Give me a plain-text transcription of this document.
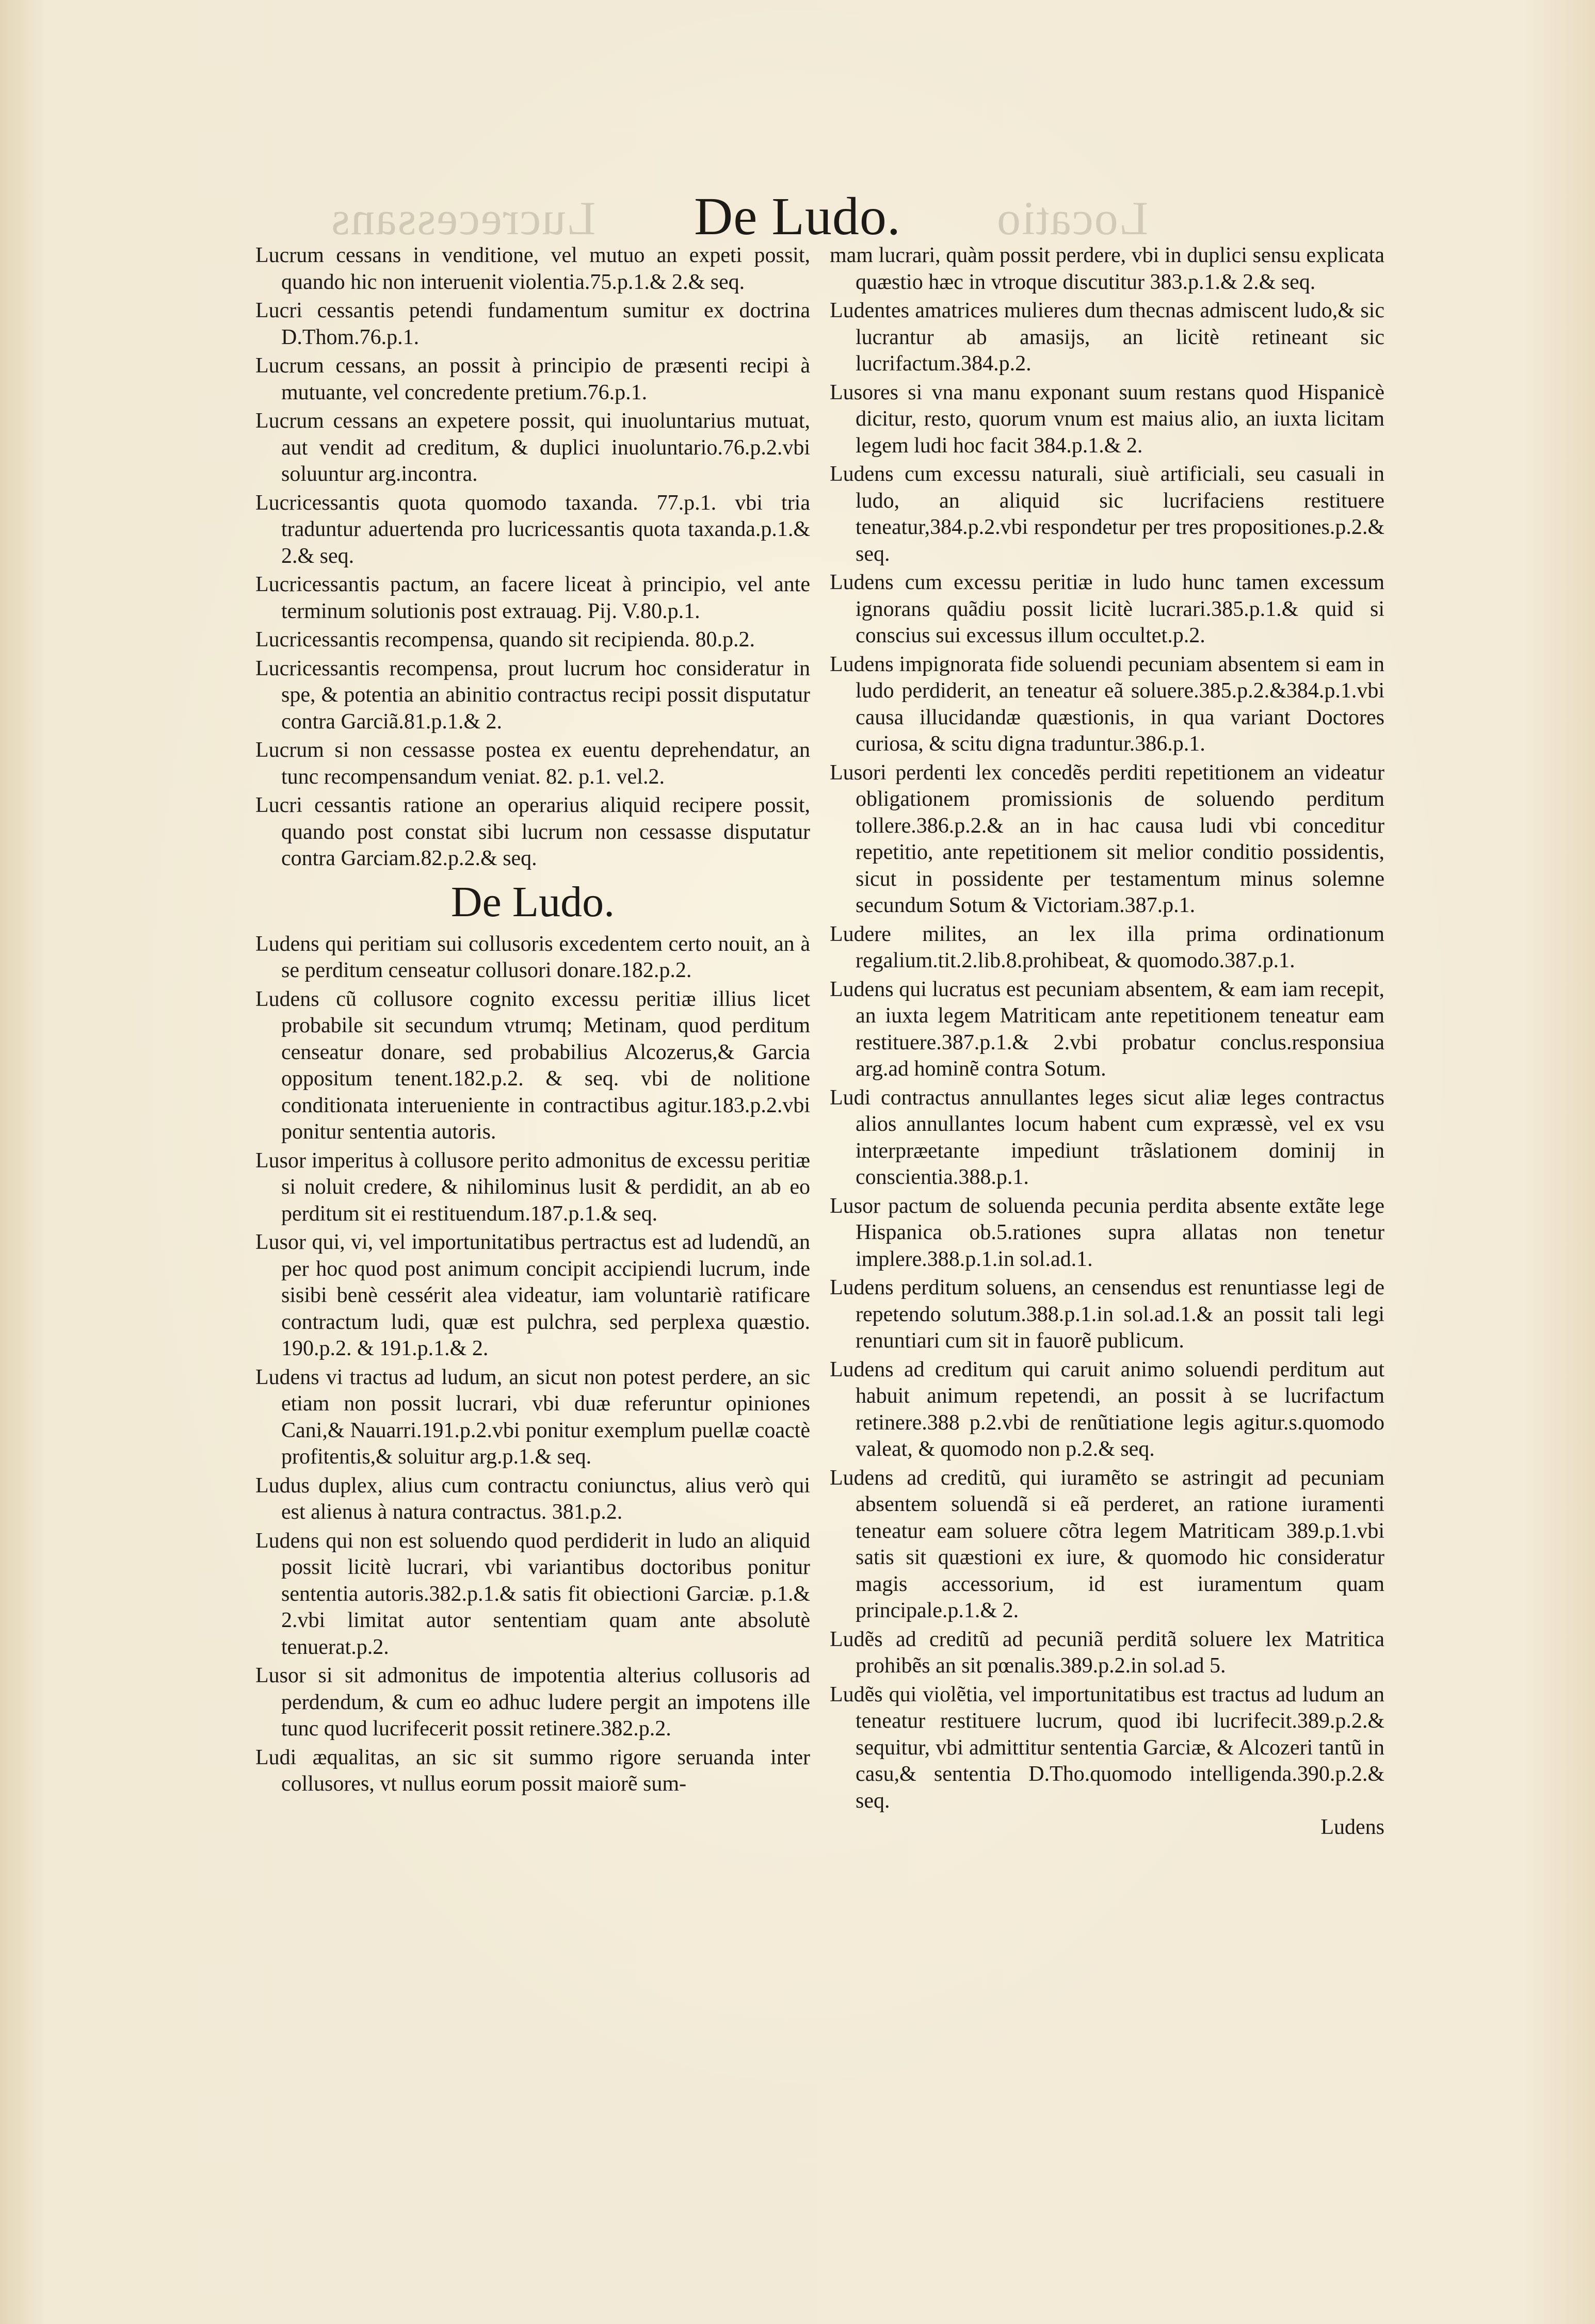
Lucrecessans	Locatio
De Ludo.

Lucrum cessans in venditione, vel mutuo an expeti possit, quando hic non interuenit violentia.75.p.1.& 2.& seq.

Lucri cessantis petendi fundamentum sumitur ex doctrina D.Thom.76.p.1.

Lucrum cessans, an possit à principio de præsenti recipi à mutuante, vel concredente pretium.76.p.1.

Lucrum cessans an expetere possit, qui inuoluntarius mutuat, aut vendit ad creditum, & duplici inuoluntario.76.p.2.vbi soluuntur arg.incontra.

Lucricessantis quota quomodo taxanda. 77.p.1. vbi tria traduntur aduertenda pro lucricessantis quota taxanda.p.1.& 2.& seq.

Lucricessantis pactum, an facere liceat à principio, vel ante terminum solutionis post extrauag. Pij. V.80.p.1.

Lucricessantis recompensa, quando sit recipienda. 80.p.2.

Lucricessantis recompensa, prout lucrum hoc consideratur in spe, & potentia an abinitio contractus recipi possit disputatur contra Garciã.81.p.1.& 2.

Lucrum si non cessasse postea ex euentu deprehendatur, an tunc recompensandum veniat. 82. p.1. vel.2.

Lucri cessantis ratione an operarius aliquid recipere possit, quando post constat sibi lucrum non cessasse disputatur contra Garciam.82.p.2.& seq.

De Ludo.

Ludens qui peritiam sui collusoris excedentem certo nouit, an à se perditum censeatur collusori donare.182.p.2.

Ludens cũ collusore cognito excessu peritiæ illius licet probabile sit secundum vtrumq; Metinam, quod perditum censeatur donare, sed probabilius Alcozerus,& Garcia oppositum tenent.182.p.2. & seq. vbi de nolitione conditionata interueniente in contractibus agitur.183.p.2.vbi ponitur sententia autoris.

Lusor imperitus à collusore perito admonitus de excessu peritiæ si noluit credere, & nihilominus lusit & perdidit, an ab eo perditum sit ei restituendum.187.p.1.& seq.

Lusor qui, vi, vel importunitatibus pertractus est ad ludendũ, an per hoc quod post animum concipit accipiendi lucrum, inde sisibi benè cessérit alea videatur, iam voluntariè ratificare contractum ludi, quæ est pulchra, sed perplexa quæstio. 190.p.2. & 191.p.1.& 2.

Ludens vi tractus ad ludum, an sicut non potest perdere, an sic etiam non possit lucrari, vbi duæ referuntur opiniones Cani,& Nauarri.191.p.2.vbi ponitur exemplum puellæ coactè profitentis,& soluitur arg.p.1.& seq.

Ludus duplex, alius cum contractu coniunctus, alius verò qui est alienus à natura contractus. 381.p.2.

Ludens qui non est soluendo quod perdiderit in ludo an aliquid possit licitè lucrari, vbi variantibus doctoribus ponitur sententia autoris.382.p.1.& satis fit obiectioni Garciæ. p.1.& 2.vbi limitat autor sententiam quam ante absolutè tenuerat.p.2.

Lusor si sit admonitus de impotentia alterius collusoris ad perdendum, & cum eo adhuc ludere pergit an impotens ille tunc quod lucrifecerit possit retinere.382.p.2.

Ludi æqualitas, an sic sit summo rigore seruanda inter collusores, vt nullus eorum possit maiorẽ sum-

mam lucrari, quàm possit perdere, vbi in duplici sensu explicata quæstio hæc in vtroque discutitur 383.p.1.& 2.& seq.

Ludentes amatrices mulieres dum thecnas admiscent ludo,& sic lucrantur ab amasijs, an licitè retineant sic lucrifactum.384.p.2.

Lusores si vna manu exponant suum restans quod Hispanicè dicitur, resto, quorum vnum est maius alio, an iuxta licitam legem ludi hoc facit 384.p.1.& 2.

Ludens cum excessu naturali, siuè artificiali, seu casuali in ludo, an aliquid sic lucrifaciens restituere teneatur,384.p.2.vbi respondetur per tres propositiones.p.2.& seq.

Ludens cum excessu peritiæ in ludo hunc tamen excessum ignorans quãdiu possit licitè lucrari.385.p.1.& quid si conscius sui excessus illum occultet.p.2.

Ludens impignorata fide soluendi pecuniam absentem si eam in ludo perdiderit, an teneatur eã soluere.385.p.2.&384.p.1.vbi causa illucidandæ quæstionis, in qua variant Doctores curiosa, & scitu digna traduntur.386.p.1.

Lusori perdenti lex concedẽs perditi repetitionem an videatur obligationem promissionis de soluendo perditum tollere.386.p.2.& an in hac causa ludi vbi conceditur repetitio, ante repetitionem sit melior conditio possidentis, sicut in possidente per testamentum minus solemne secundum Sotum & Victoriam.387.p.1.

Ludere milites, an lex illa prima ordinationum regalium.tit.2.lib.8.prohibeat, & quomodo.387.p.1.

Ludens qui lucratus est pecuniam absentem, & eam iam recepit, an iuxta legem Matriticam ante repetitionem teneatur eam restituere.387.p.1.& 2.vbi probatur conclus.responsiua arg.ad hominẽ contra Sotum.

Ludi contractus annullantes leges sicut aliæ leges contractus alios annullantes locum habent cum expræssè, vel ex vsu interpræetante impediunt trãslationem dominij in conscientia.388.p.1.

Lusor pactum de soluenda pecunia perdita absente extãte lege Hispanica ob.5.rationes supra allatas non tenetur implere.388.p.1.in sol.ad.1.

Ludens perditum soluens, an censendus est renuntiasse legi de repetendo solutum.388.p.1.in sol.ad.1.& an possit tali legi renuntiari cum sit in fauorẽ publicum.

Ludens ad creditum qui caruit animo soluendi perditum aut habuit animum repetendi, an possit à se lucrifactum retinere.388 p.2.vbi de renũtiatione legis agitur.s.quomodo valeat, & quomodo non p.2.& seq.

Ludens ad creditũ, qui iuramẽto se astringit ad pecuniam absentem soluendã si eã perderet, an ratione iuramenti teneatur eam soluere cõtra legem Matriticam 389.p.1.vbi satis sit quæstioni ex iure, & quomodo hic consideratur magis accessorium, id est iuramentum quam principale.p.1.& 2.

Ludẽs ad creditũ ad pecuniã perditã soluere lex Matritica prohibẽs an sit pœnalis.389.p.2.in sol.ad 5.

Ludẽs qui violẽtia, vel importunitatibus est tractus ad ludum an teneatur restituere lucrum, quod ibi lucrifecit.389.p.2.& sequitur, vbi admittitur sententia Garciæ, & Alcozeri tantũ in casu,& sententia D.Tho.quomodo intelligenda.390.p.2.& seq.

Ludens
